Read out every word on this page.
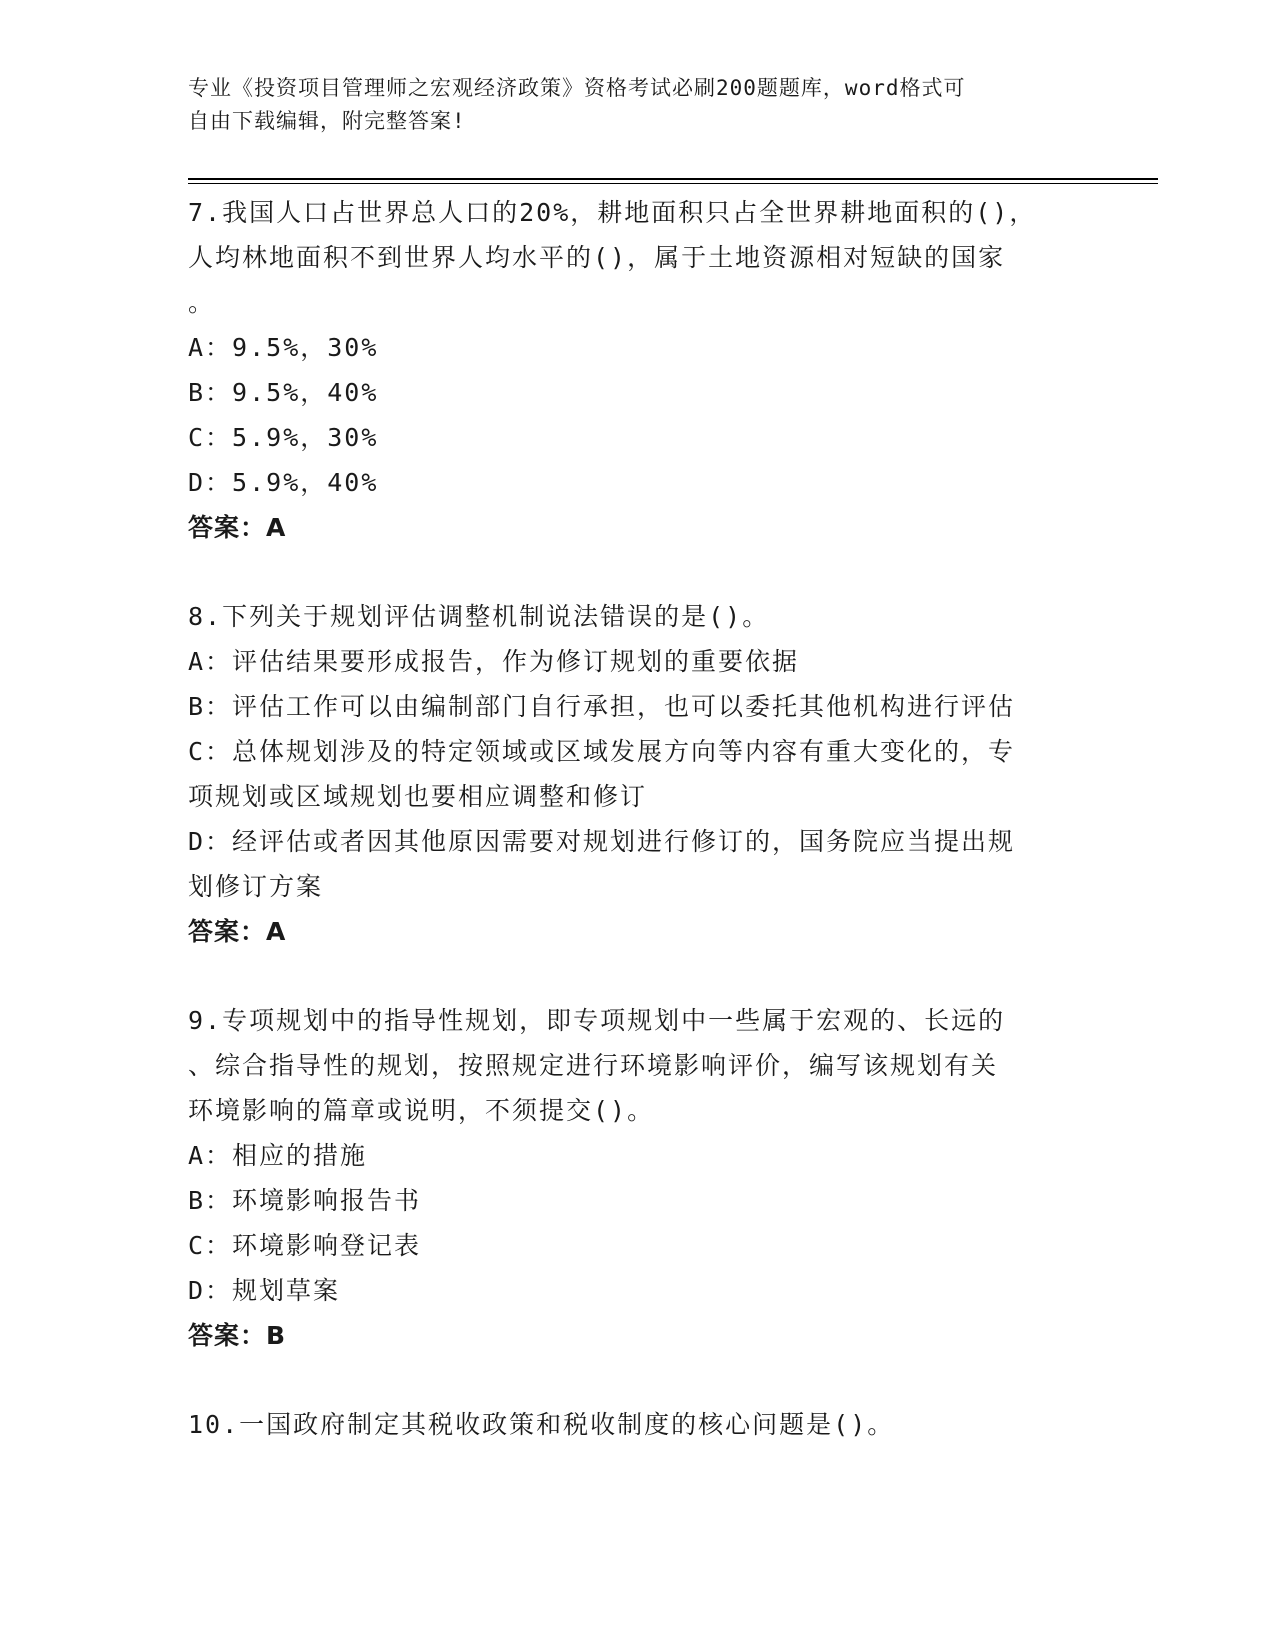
专业《投资项目管理师之宏观经济政策》资格考试必刷200题题库，word格式可
自由下载编辑，附完整答案!
7.我国人口占世界总人口的20%，耕地面积只占全世界耕地面积的()，
人均林地面积不到世界人均水平的()，属于土地资源相对短缺的国家
。
A：9.5%，30%
B：9.5%，40%
C：5.9%，30%
D：5.9%，40%
答案：A
8.下列关于规划评估调整机制说法错误的是()。
A：评估结果要形成报告，作为修订规划的重要依据
B：评估工作可以由编制部门自行承担，也可以委托其他机构进行评估
C：总体规划涉及的特定领域或区域发展方向等内容有重大变化的，专
项规划或区域规划也要相应调整和修订
D：经评估或者因其他原因需要对规划进行修订的，国务院应当提出规
划修订方案
答案：A
9.专项规划中的指导性规划，即专项规划中一些属于宏观的、长远的
、综合指导性的规划，按照规定进行环境影响评价，编写该规划有关
环境影响的篇章或说明，不须提交()。
A：相应的措施
B：环境影响报告书
C：环境影响登记表
D：规划草案
答案：B
10.一国政府制定其税收政策和税收制度的核心问题是()。
